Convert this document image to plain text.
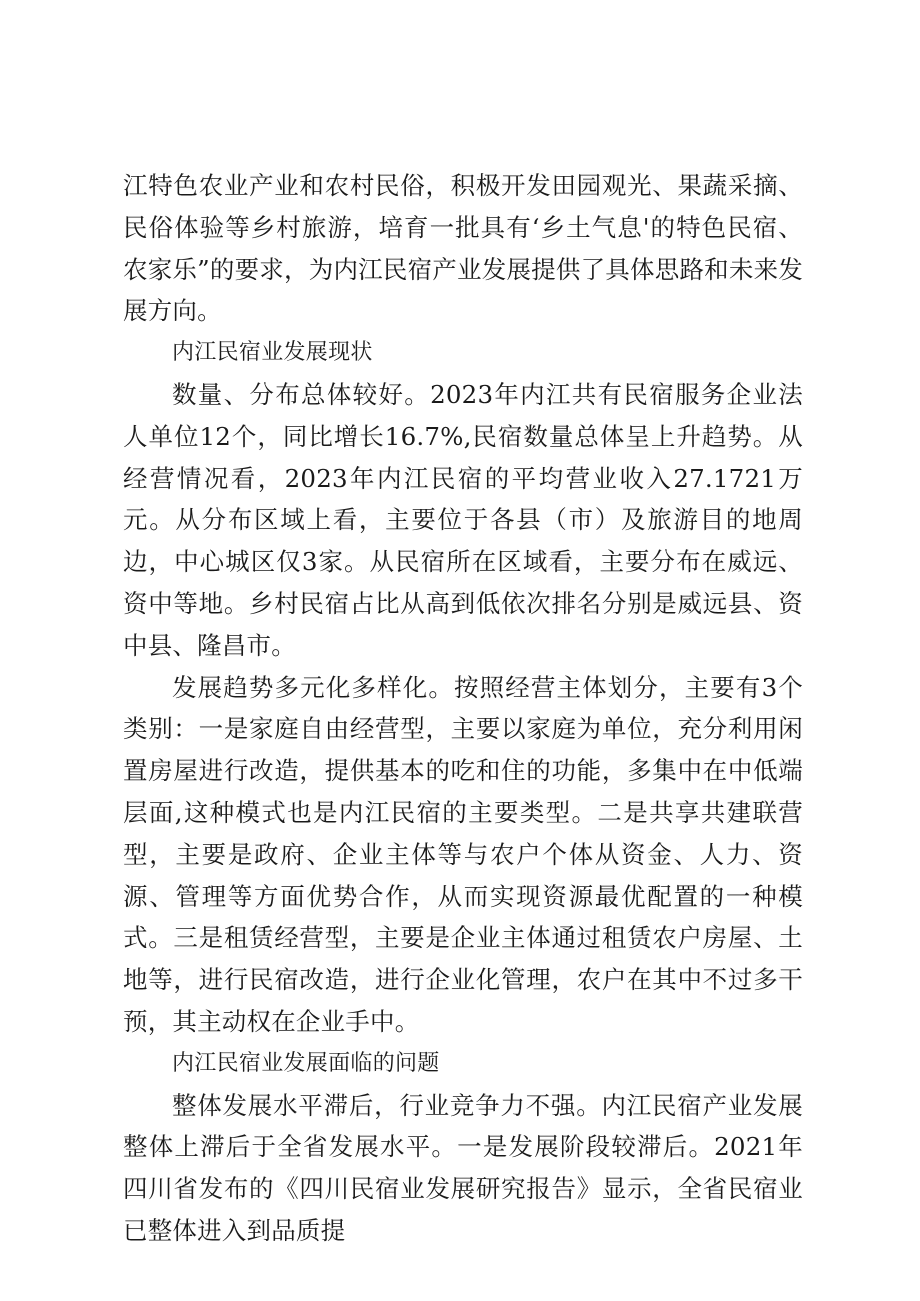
江特色农业产业和农村民俗，积极开发田园观光、果蔬采摘、民俗体验等乡村旅游，培育一批具有‘乡土气息'的特色民宿、农家乐”的要求，为内江民宿产业发展提供了具体思路和未来发展方向。

内江民宿业发展现状

数量、分布总体较好。2023年内江共有民宿服务企业法人单位12个，同比增长16.7%,民宿数量总体呈上升趋势。从经营情况看，2023年内江民宿的平均营业收入27.1721万元。从分布区域上看，主要位于各县（市）及旅游目的地周边，中心城区仅3家。从民宿所在区域看，主要分布在威远、资中等地。乡村民宿占比从高到低依次排名分别是威远县、资中县、隆昌市。

发展趋势多元化多样化。按照经营主体划分，主要有3个类别：一是家庭自由经营型，主要以家庭为单位，充分利用闲置房屋进行改造，提供基本的吃和住的功能，多集中在中低端层面,这种模式也是内江民宿的主要类型。二是共享共建联营型，主要是政府、企业主体等与农户个体从资金、人力、资源、管理等方面优势合作，从而实现资源最优配置的一种模式。三是租赁经营型，主要是企业主体通过租赁农户房屋、土地等，进行民宿改造，进行企业化管理，农户在其中不过多干预，其主动权在企业手中。

内江民宿业发展面临的问题

整体发展水平滞后，行业竞争力不强。内江民宿产业发展整体上滞后于全省发展水平。一是发展阶段较滞后。2021年四川省发布的《四川民宿业发展研究报告》显示，全省民宿业已整体进入到品质提
